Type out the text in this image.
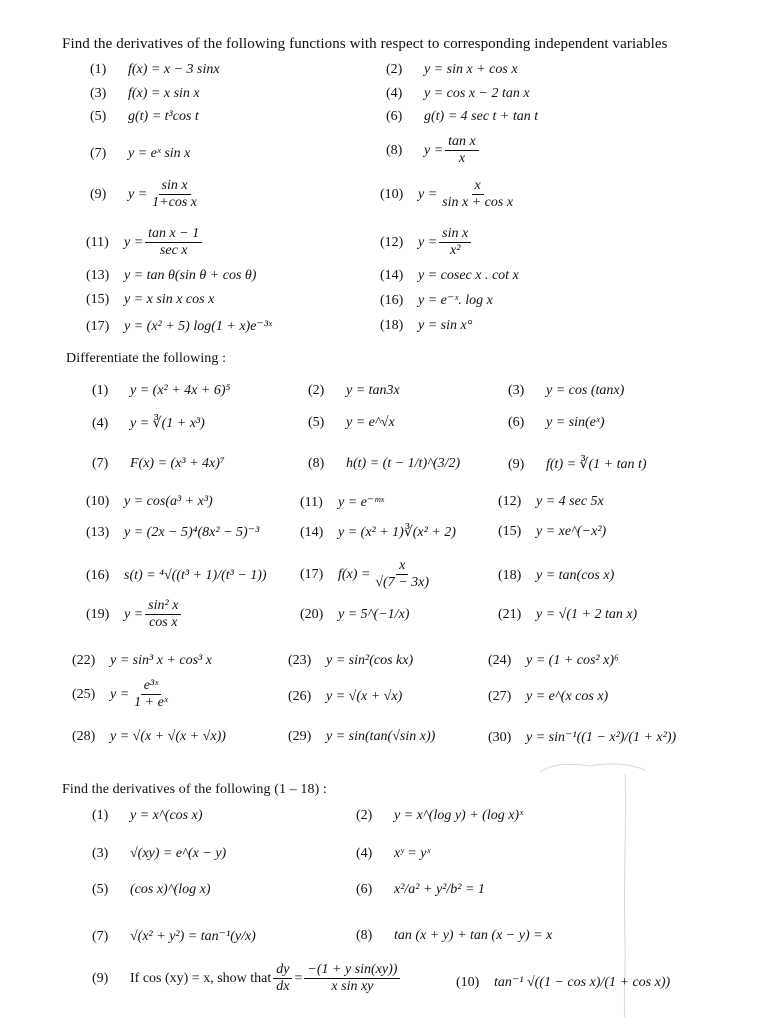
Find the derivatives of the following functions with respect to corresponding independent variables
(1) f(x) = x − 3 sinx	(2) y = sin x + cos x
(3) f(x) = x sin x	(4) y = cos x − 2 tan x
(5) g(t) = t³cos t	(6) g(t) = 4 sec t + tan t
(7) y = eˣ sin x	(8) $y = \frac{\text{tan x}}{x}$
(9) $y = \frac{\text{sin x}}{\text{1+cos x}}$	(10) $y = \frac{x}{\text{sin x + cos x}}$
(11) $y = \frac{\text{tan x − 1}}{\text{sec x}}$	(12) $y = \frac{\text{sin x}}{\text{x²}}$
(13) y = tan θ(sin θ + cos θ)	(14) y = cosec x . cot x
(15) y = x sin x cos x	(16) y = e⁻ˣ. log x
(17) y = (x² + 5) log(1 + x)e⁻³ˣ	(18) y = sin x°
Differentiate the following :
(1) y = (x² + 4x + 6)⁵	(2) y = tan3x	(3) y = cos (tanx)
(4) y = ∛(1 + x³)	(5) y = e^√x	(6) y = sin(eˣ)
(7) F(x) = (x³ + 4x)⁷	(8) h(t) = (t − 1/t)^(3/2)	(9) f(t) = ∛(1 + tan t)
(10) y = cos(a³ + x³)	(11) y = e⁻ᵐˣ	(12) y = 4 sec 5x
(13) y = (2x − 5)⁴(8x² − 5)⁻³	(14) y = (x² + 1)∛(x² + 2)	(15) y = xe^(−x²)
(16) s(t) = ⁴√((t³ + 1)/(t³ − 1)) (17) $f(x) = \frac{x}{√(7 - 3x)}$	(18) y = tan(cos x)
(19) $y = \frac{\text{sin² x}}{\text{cos x}}$	(20) y = 5^(−1/x)	(21) y = √(1 + 2 tan x)
(22) y = sin³ x + cos³ x	(23) y = sin²(cos kx)	(24) y = (1 + cos² x)⁶
(25) $y = \frac{\text{e³ˣ}}{\text{1 + eˣ}}$	(26) y = √(x + √x)	(27) y = e^(x cos x)
(28) y = √(x + √(x + √x))	(29) y = sin(tan(√sin x))	(30) y = sin⁻¹((1 − x²)/(1 + x²))
Find the derivatives of the following (1 – 18) :
(1) y = x^(cos x)	(2) y = x^(log y) + (log x)ˣ
(3) √(xy) = e^(x − y)	(4) xʸ = yˣ
(5) (cos x)^(log x)	(6) x²/a² + y²/b² = 1
(7) √(x² + y²) = tan⁻¹(y/x)	(8) tan (x + y) + tan (x − y) = x
(9) If cos (xy) = x, show that $\frac{dy}{dx} = \frac{\text{−(1 + y sin(xy))}}{\text{x sin xy}}$	(10) tan⁻¹ √((1 − cos x)/(1 + cos x))
